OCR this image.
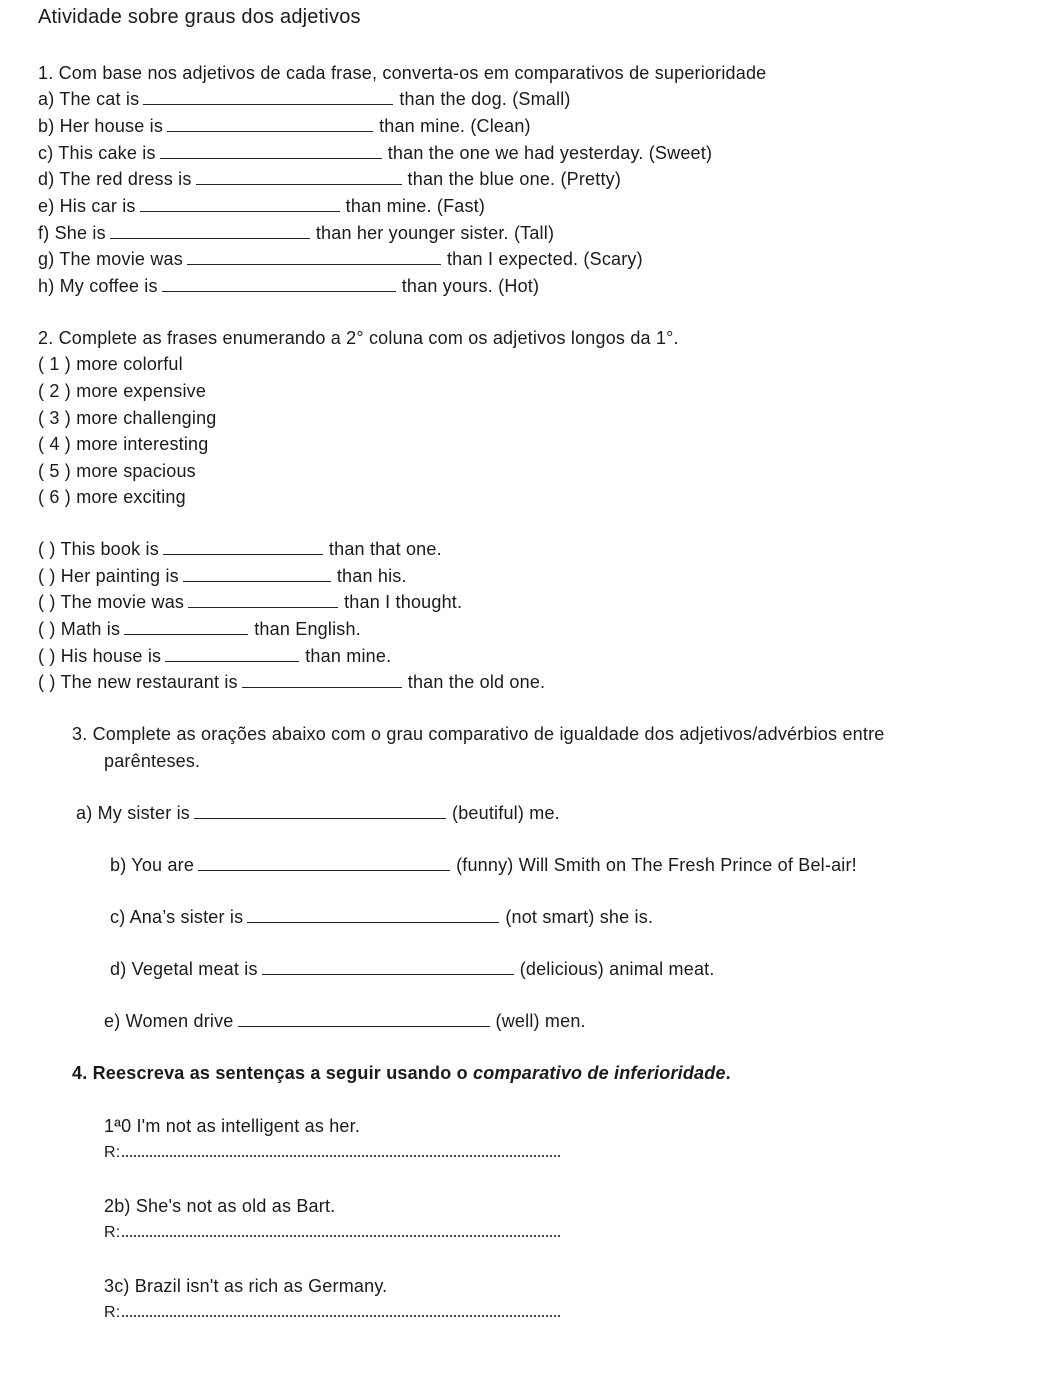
Atividade sobre graus dos adjetivos
1. Com base nos adjetivos de cada frase, converta-os em comparativos de superioridade
a) The cat is	than the dog. (Small)
b) Her house is	than mine. (Clean)
c) This cake is	than the one we had yesterday. (Sweet)
d) The red dress is	than the blue one. (Pretty)
e) His car is	than mine. (Fast)
f) She is	than her younger sister. (Tall)
g) The movie was	than I expected. (Scary)
h) My coffee is	than yours. (Hot)
2. Complete as frases enumerando a 2° coluna com os adjetivos longos da 1°.
( 1 ) more colorful
( 2 ) more expensive
( 3 ) more challenging
( 4 ) more interesting
( 5 ) more spacious
( 6 ) more exciting
( ) This book is	than that one.
( ) Her painting is	than his.
( ) The movie was	than I thought.
( ) Math is	than English.
( ) His house is	than mine.
( ) The new restaurant is	than the old one.
3. Complete as orações abaixo com o grau comparativo de igualdade dos adjetivos/advérbios entre
parênteses.
a) My sister is	(beutiful) me.
b) You are	(funny) Will Smith on The Fresh Prince of Bel-air!
c) Ana’s sister is	(not smart) she is.
d) Vegetal meat is	(delicious) animal meat.
e) Women drive	(well) men.
4. Reescreva as sentenças a seguir usando o comparativo de inferioridade.
1ª0 I'm not as intelligent as her.
R:
2b) She's not as old as Bart.
R:
3c) Brazil isn't as rich as Germany.
R:
